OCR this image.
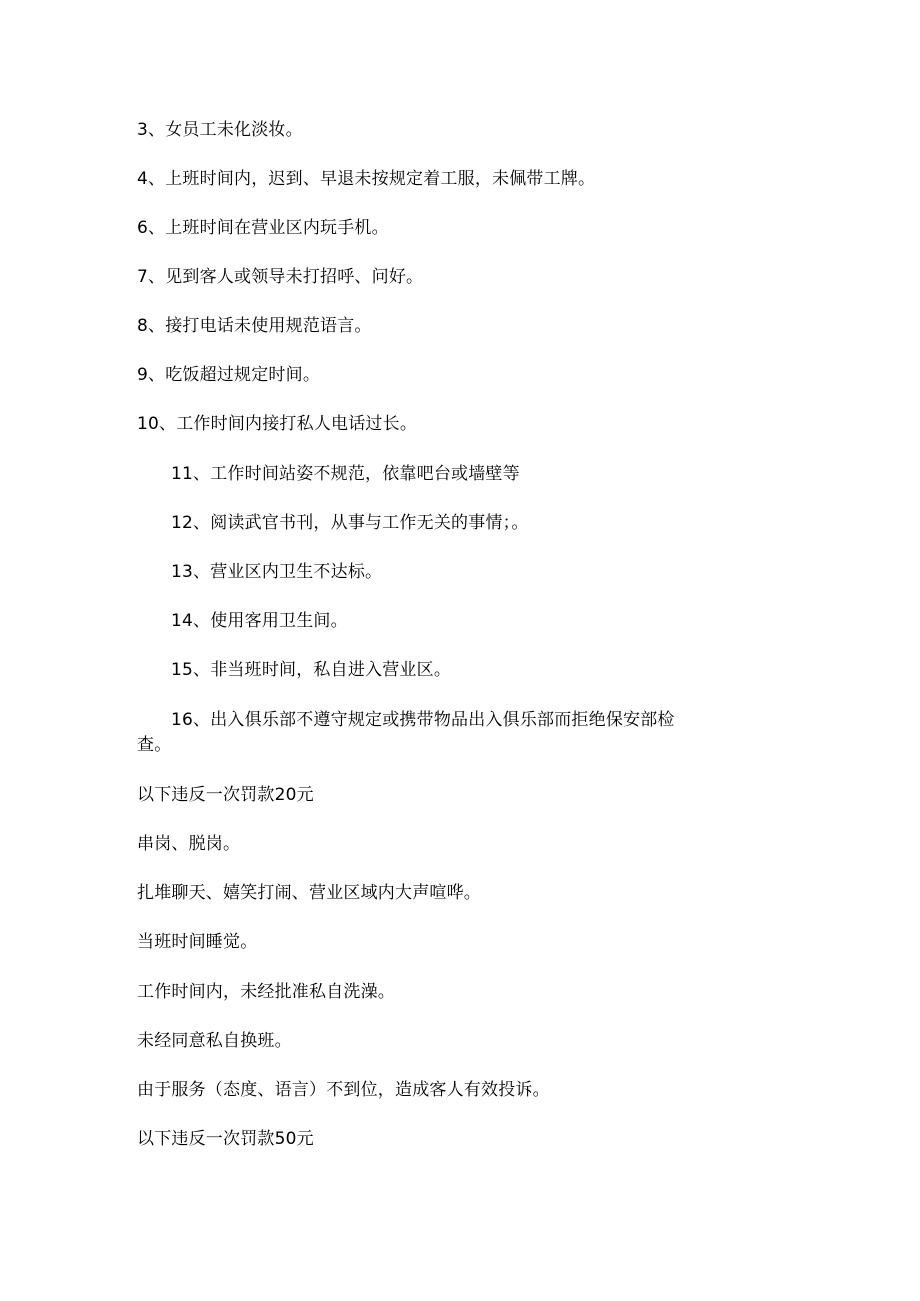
3、女员工未化淡妆。
4、上班时间内，迟到、早退未按规定着工服，未佩带工牌。
6、上班时间在营业区内玩手机。
7、见到客人或领导未打招呼、问好。
8、接打电话未使用规范语言。
9、吃饭超过规定时间。
10、工作时间内接打私人电话过长。
11、工作时间站姿不规范，依靠吧台或墙壁等
12、阅读武官书刊，从事与工作无关的事情；。
13、营业区内卫生不达标。
14、使用客用卫生间。
15、非当班时间，私自进入营业区。
16、出入俱乐部不遵守规定或携带物品出入俱乐部而拒绝保安部检
查。
以下违反一次罚款20元
串岗、脱岗。
扎堆聊天、嬉笑打闹、营业区域内大声喧哗。
当班时间睡觉。
工作时间内，未经批准私自洗澡。
未经同意私自换班。
由于服务（态度、语言）不到位，造成客人有效投诉。
以下违反一次罚款50元
